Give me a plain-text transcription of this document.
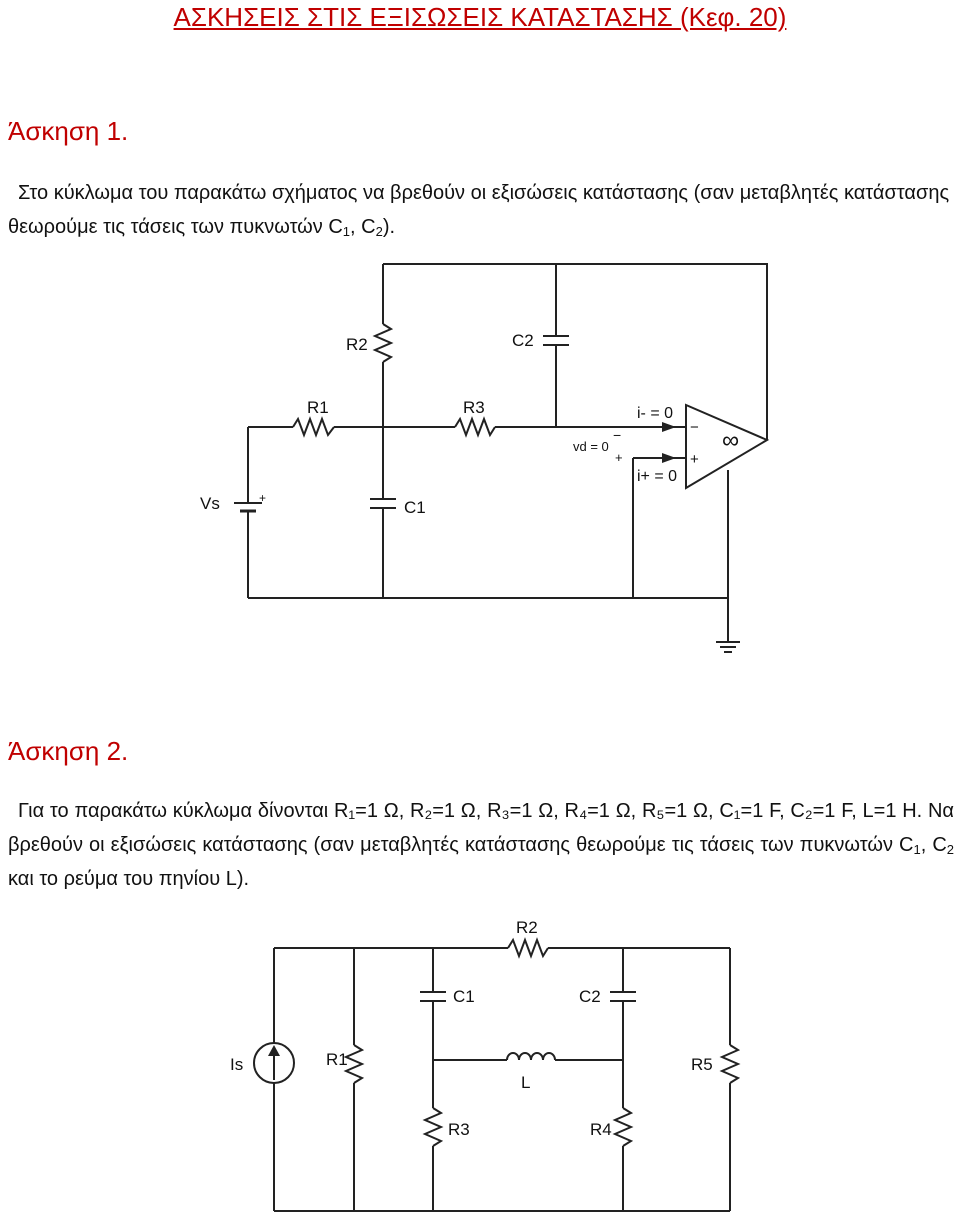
ΑΣΚΗΣΕΙΣ ΣΤΙΣ ΕΞΙΣΩΣΕΙΣ ΚΑΤΑΣΤΑΣΗΣ (Κεφ. 20)
Άσκηση 1.
Στο κύκλωμα του παρακάτω σχήματος να βρεθούν οι εξισώσεις κατάστασης (σαν μεταβλητές κατάστασης θεωρούμε τις τάσεις των πυκνωτών $C_1$, $C_2$).
R2	C2
R1	R3	i- = 0
i+ = 0
vd = 0
−
+
−
+
∞
Vs	+	C1
Άσκηση 2.
Για το παρακάτω κύκλωμα δίνονται R₁=1 Ω, R₂=1 Ω, R₃=1 Ω, R₄=1 Ω, R₅=1 Ω, C₁=1 F, C₂=1 F, L=1 H. Να βρεθούν οι εξισώσεις κατάστασης (σαν μεταβλητές κατάστασης θεωρούμε τις τάσεις των πυκνωτών $C_1$, $C_2$ και το ρεύμα του πηνίου L).
R2
C1	C2
L
Is	R1	R5
R3	R4
